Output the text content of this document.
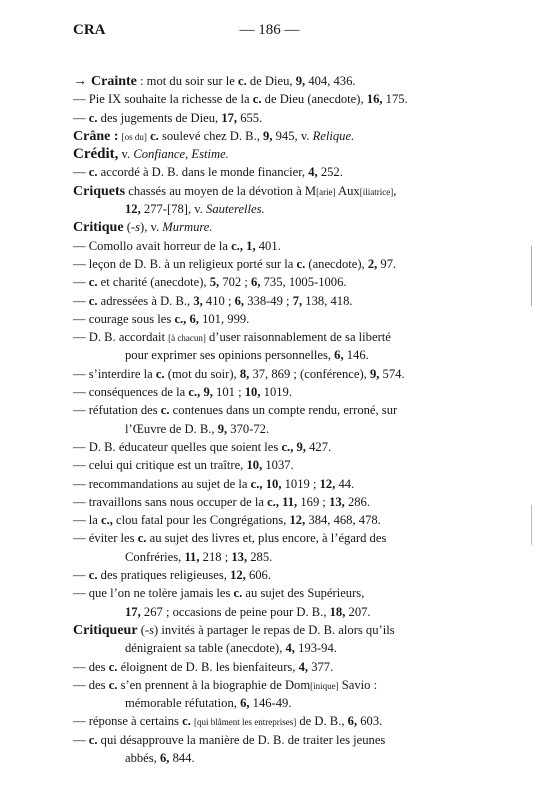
CRA	— 186 —
→ Crainte : mot du soir sur le c. de Dieu, 9, 404, 436.
— Pie IX souhaite la richesse de la c. de Dieu (anecdote), 16, 175.
— c. des jugements de Dieu, 17, 655.
Crâne : [os du] c. soulevé chez D. B., 9, 945, v. Relique.
Crédit, v. Confiance, Estime.
— c. accordé à D. B. dans le monde financier, 4, 252.
Criquets chassés au moyen de la dévotion à M[arie] Aux[iliatrice],
12, 277-[78], v. Sauterelles.
Critique (-s), v. Murmure.
— Comollo avait horreur de la c., 1, 401.
— leçon de D. B. à un religieux porté sur la c. (anecdote), 2, 97.
— c. et charité (anecdote), 5, 702 ; 6, 735, 1005-1006.
— c. adressées à D. B., 3, 410 ; 6, 338-49 ; 7, 138, 418.
— courage sous les c., 6, 101, 999.
— D. B. accordait [à chacun] d’user raisonnablement de sa liberté
pour exprimer ses opinions personnelles, 6, 146.
— s’interdire la c. (mot du soir), 8, 37, 869 ; (conférence), 9, 574.
— conséquences de la c., 9, 101 ; 10, 1019.
— réfutation des c. contenues dans un compte rendu, erroné, sur
l’Œuvre de D. B., 9, 370-72.
— D. B. éducateur quelles que soient les c., 9, 427.
— celui qui critique est un traître, 10, 1037.
— recommandations au sujet de la c., 10, 1019 ; 12, 44.
— travaillons sans nous occuper de la c., 11, 169 ; 13, 286.
— la c., clou fatal pour les Congrégations, 12, 384, 468, 478.
— éviter les c. au sujet des livres et, plus encore, à l’égard des
Confréries, 11, 218 ; 13, 285.
— c. des pratiques religieuses, 12, 606.
— que l’on ne tolère jamais les c. au sujet des Supérieurs,
17, 267 ; occasions de peine pour D. B., 18, 207.
Critiqueur (-s) invités à partager le repas de D. B. alors qu’ils
dénigraient sa table (anecdote), 4, 193-94.
— des c. éloignent de D. B. les bienfaiteurs, 4, 377.
— des c. s’en prennent à la biographie de Dom[inique] Savio :
mémorable réfutation, 6, 146-49.
— réponse à certains c. [qui blâment les entreprises] de D. B., 6, 603.
— c. qui désapprouve la manière de D. B. de traiter les jeunes
abbés, 6, 844.
